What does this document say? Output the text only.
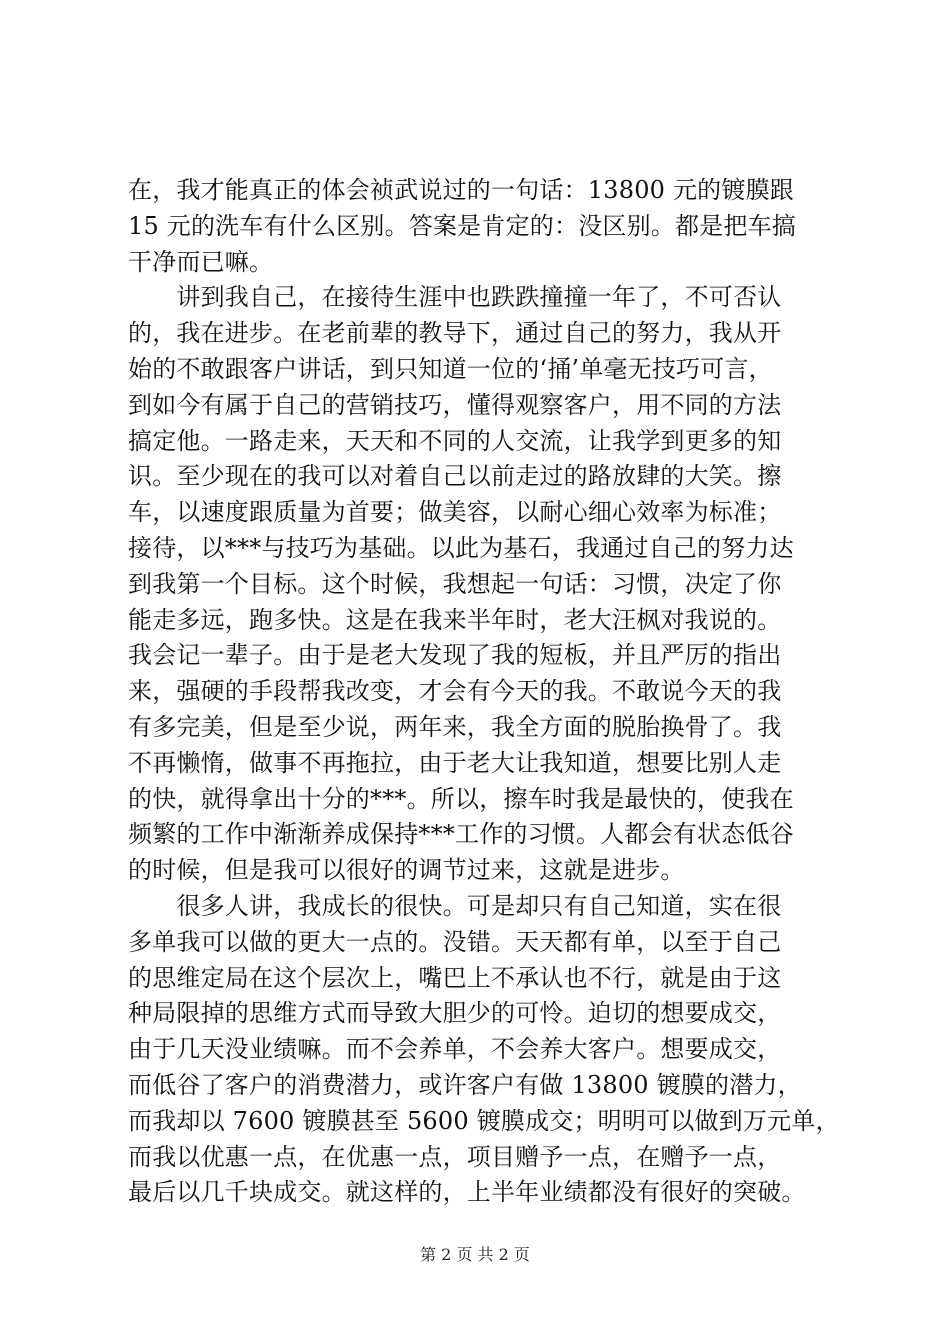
在，我才能真正的体会祯武说过的一句话：13800 元的镀膜跟
15 元的洗车有什么区别。答案是肯定的：没区别。都是把车搞
干净而已嘛。
　　讲到我自己，在接待生涯中也跌跌撞撞一年了，不可否认
的，我在进步。在老前辈的教导下，通过自己的努力，我从开
始的不敢跟客户讲话，到只知道一位的‘捅’单毫无技巧可言，
到如今有属于自己的营销技巧，懂得观察客户，用不同的方法
搞定他。一路走来，天天和不同的人交流，让我学到更多的知
识。至少现在的我可以对着自己以前走过的路放肆的大笑。擦
车，以速度跟质量为首要；做美容，以耐心细心效率为标准；
接待，以***与技巧为基础。以此为基石，我通过自己的努力达
到我第一个目标。这个时候，我想起一句话：习惯，决定了你
能走多远，跑多快。这是在我来半年时，老大汪枫对我说的。
我会记一辈子。由于是老大发现了我的短板，并且严厉的指出
来，强硬的手段帮我改变，才会有今天的我。不敢说今天的我
有多完美，但是至少说，两年来，我全方面的脱胎换骨了。我
不再懒惰，做事不再拖拉，由于老大让我知道，想要比别人走
的快，就得拿出十分的***。所以，擦车时我是最快的，使我在
频繁的工作中渐渐养成保持***工作的习惯。人都会有状态低谷
的时候，但是我可以很好的调节过来，这就是进步。
　　很多人讲，我成长的很快。可是却只有自己知道，实在很
多单我可以做的更大一点的。没错。天天都有单，以至于自己
的思维定局在这个层次上，嘴巴上不承认也不行，就是由于这
种局限掉的思维方式而导致大胆少的可怜。迫切的想要成交，
由于几天没业绩嘛。而不会养单，不会养大客户。想要成交，
而低谷了客户的消费潜力，或许客户有做 13800 镀膜的潜力，
而我却以 7600 镀膜甚至 5600 镀膜成交；明明可以做到万元单，
而我以优惠一点，在优惠一点，项目赠予一点，在赠予一点，
最后以几千块成交。就这样的，上半年业绩都没有很好的突破。
第 2 页 共 2 页
